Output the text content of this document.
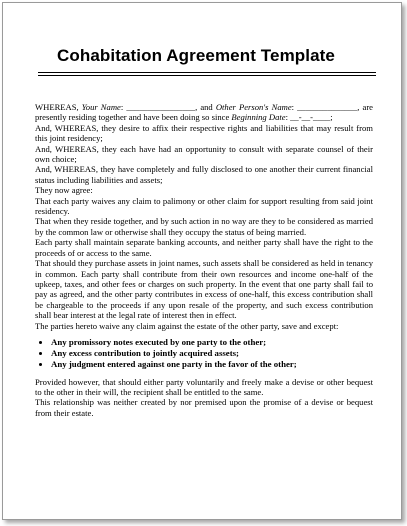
Cohabitation Agreement Template

WHEREAS, Your Name: ________________, and Other Person's Name: ______________, are presently residing together and have been doing so since Beginning Date: __-__-____;

And, WHEREAS, they desire to affix their respective rights and liabilities that may result from this joint residency;

And, WHEREAS, they each have had an opportunity to consult with separate counsel of their own choice;

And, WHEREAS, they have completely and fully disclosed to one another their current financial status including liabilities and assets;

They now agree:

That each party waives any claim to palimony or other claim for support resulting from said joint residency.

That when they reside together, and by such action in no way are they to be considered as married by the common law or otherwise shall they occupy the status of being married.

Each party shall maintain separate banking accounts, and neither party shall have the right to the proceeds of or access to the same.

That should they purchase assets in joint names, such assets shall be considered as held in tenancy in common. Each party shall contribute from their own resources and income one-half of the upkeep, taxes, and other fees or charges on such property. In the event that one party shall fail to pay as agreed, and the other party contributes in excess of one-half, this excess contribution shall be chargeable to the proceeds if any upon resale of the property, and such excess contribution shall bear interest at the legal rate of interest then in effect.

The parties hereto waive any claim against the estate of the other party, save and except:

• Any promissory notes executed by one party to the other;
• Any excess contribution to jointly acquired assets;
• Any judgment entered against one party in the favor of the other;

Provided however, that should either party voluntarily and freely make a devise or other bequest to the other in their will, the recipient shall be entitled to the same.

This relationship was neither created by nor premised upon the promise of a devise or bequest from their estate.
